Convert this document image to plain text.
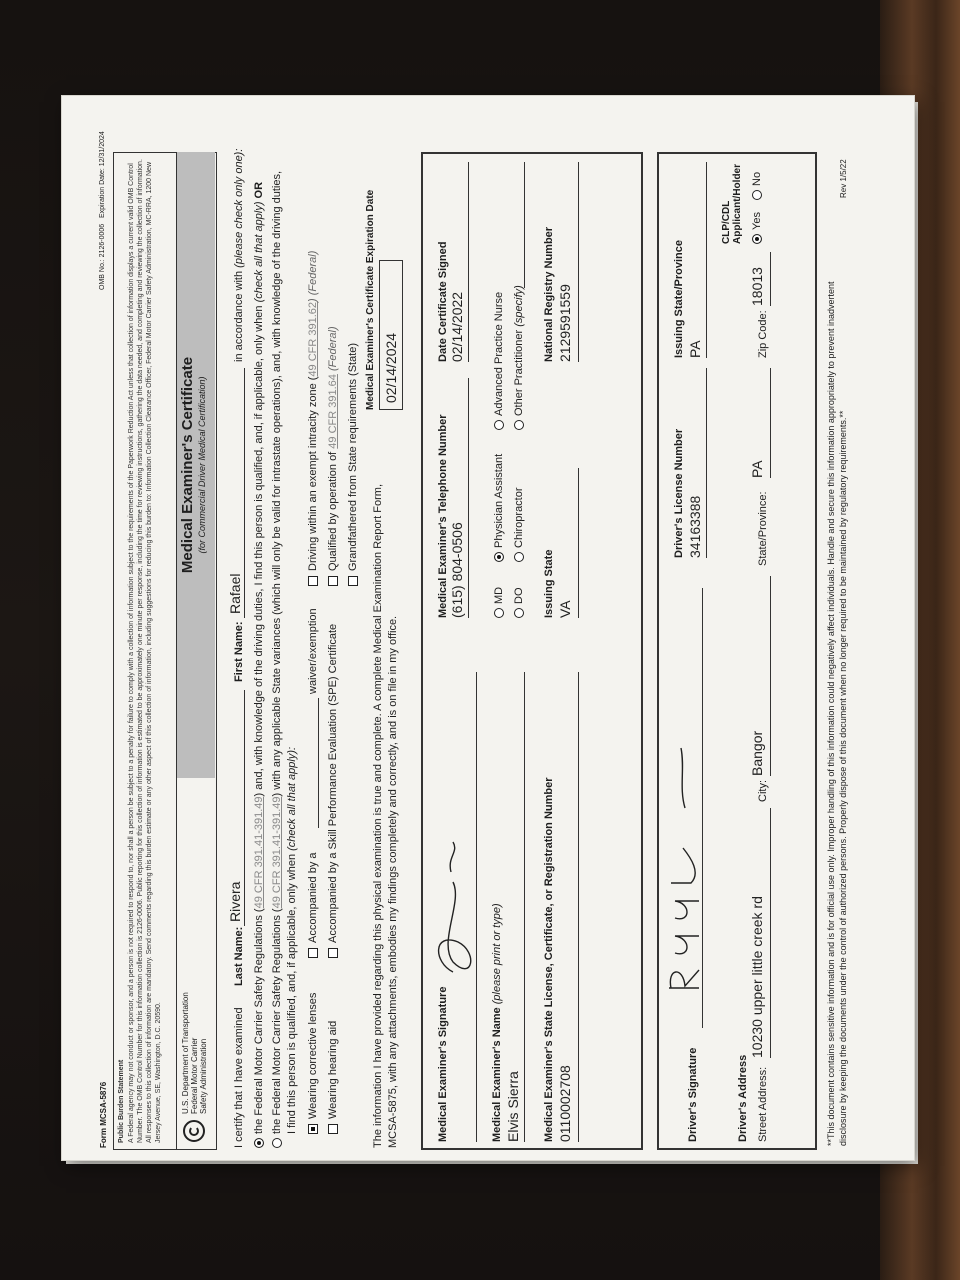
Form MCSA-5876
OMB No.: 2126-0006
Expiration Date: 12/31/2024
Public Burden Statement A Federal agency may not conduct or sponsor, and a person is not required to respond to, nor shall a person be subject to a penalty for failure to comply with a collection of information subject to the requirements of the Paperwork Reduction Act unless that collection of information displays a current valid OMB Control Number. The OMB Control Number for this information collection is 2126-0006. Public reporting for this collection of information is estimated to be approximately one minute per response, including the time for reviewing instructions, gathering the data needed, and completing and reviewing the collection of information. All responses to this collection of information are mandatory. Send comments regarding this burden estimate or any other aspect of this collection of information, including suggestions for reducing this burden to: Information Collection Clearance Officer, Federal Motor Carrier Safety Administration, MC-RRA, 1200 New Jersey Avenue, SE, Washington, D.C. 20590. U.S. Department of Transportation Federal Motor Carrier Safety Administration
Medical Examiner's Certificate (for Commercial Driver Medical Certification)
I certify that I have examined
Last Name:
Rivera
First Name:
Rafael
in accordance with (please check only one):
the Federal Motor Carrier Safety Regulations (49 CFR 391.41-391.49) and, with knowledge of the driving duties, I find this person is qualified, and, if applicable, only when (check all that apply) OR
the Federal Motor Carrier Safety Regulations (49 CFR 391.41-391.49) with any applicable State variances (which will only be valid for intrastate operations), and, with knowledge of the driving duties,
I find this person is qualified, and, if applicable, only when (check all that apply):
Wearing corrective lenses Wearing hearing aid
Accompanied by a
waiver/exemption Accompanied by a Skill Performance Evaluation (SPE) Certificate
Driving within an exempt intracity zone (49 CFR 391.62) (Federal)
Qualified by operation of 49 CFR 391.64 (Federal) Grandfathered from State requirements (State)
The information I have provided regarding this physical examination is true and complete. A complete Medical Examination Report Form, MCSA-5875, with any attachments, embodies my findings completely and correctly, and is on file in my office.
Medical Examiner's Certificate Expiration Date 02/14/2024
Medical Examiner's Signature
Medical Examiner's Telephone Number (615) 804-0506
Date Certificate Signed 02/14/2022
Medical Examiner's Name (please print or type)
Elvis Sierra
MD DO
Physician Assistant Chiropractor
Advanced Practice Nurse Other Practitioner (specify)
Medical Examiner's State License, Certificate, or Registration Number 0110002708
Issuing State VA
National Registry Number 2129591559
Driver's Signature
Driver's License Number 34163388
Issuing State/Province PA
Driver's Address Street Address:
10230 upper little creek rd
City:
Bangor
State/Province:
PA
Zip Code:
18013
CLP/CDL Applicant/Holder Yes
No
**This document contains sensitive information and is for official use only. Improper handling of this information could negatively affect individuals. Handle and secure this information appropriately to prevent inadvertent disclosure by keeping the documents under the control of authorized persons. Properly dispose of this document when no longer required to be maintained by regulatory requirements.**
Rev 1/5/22
